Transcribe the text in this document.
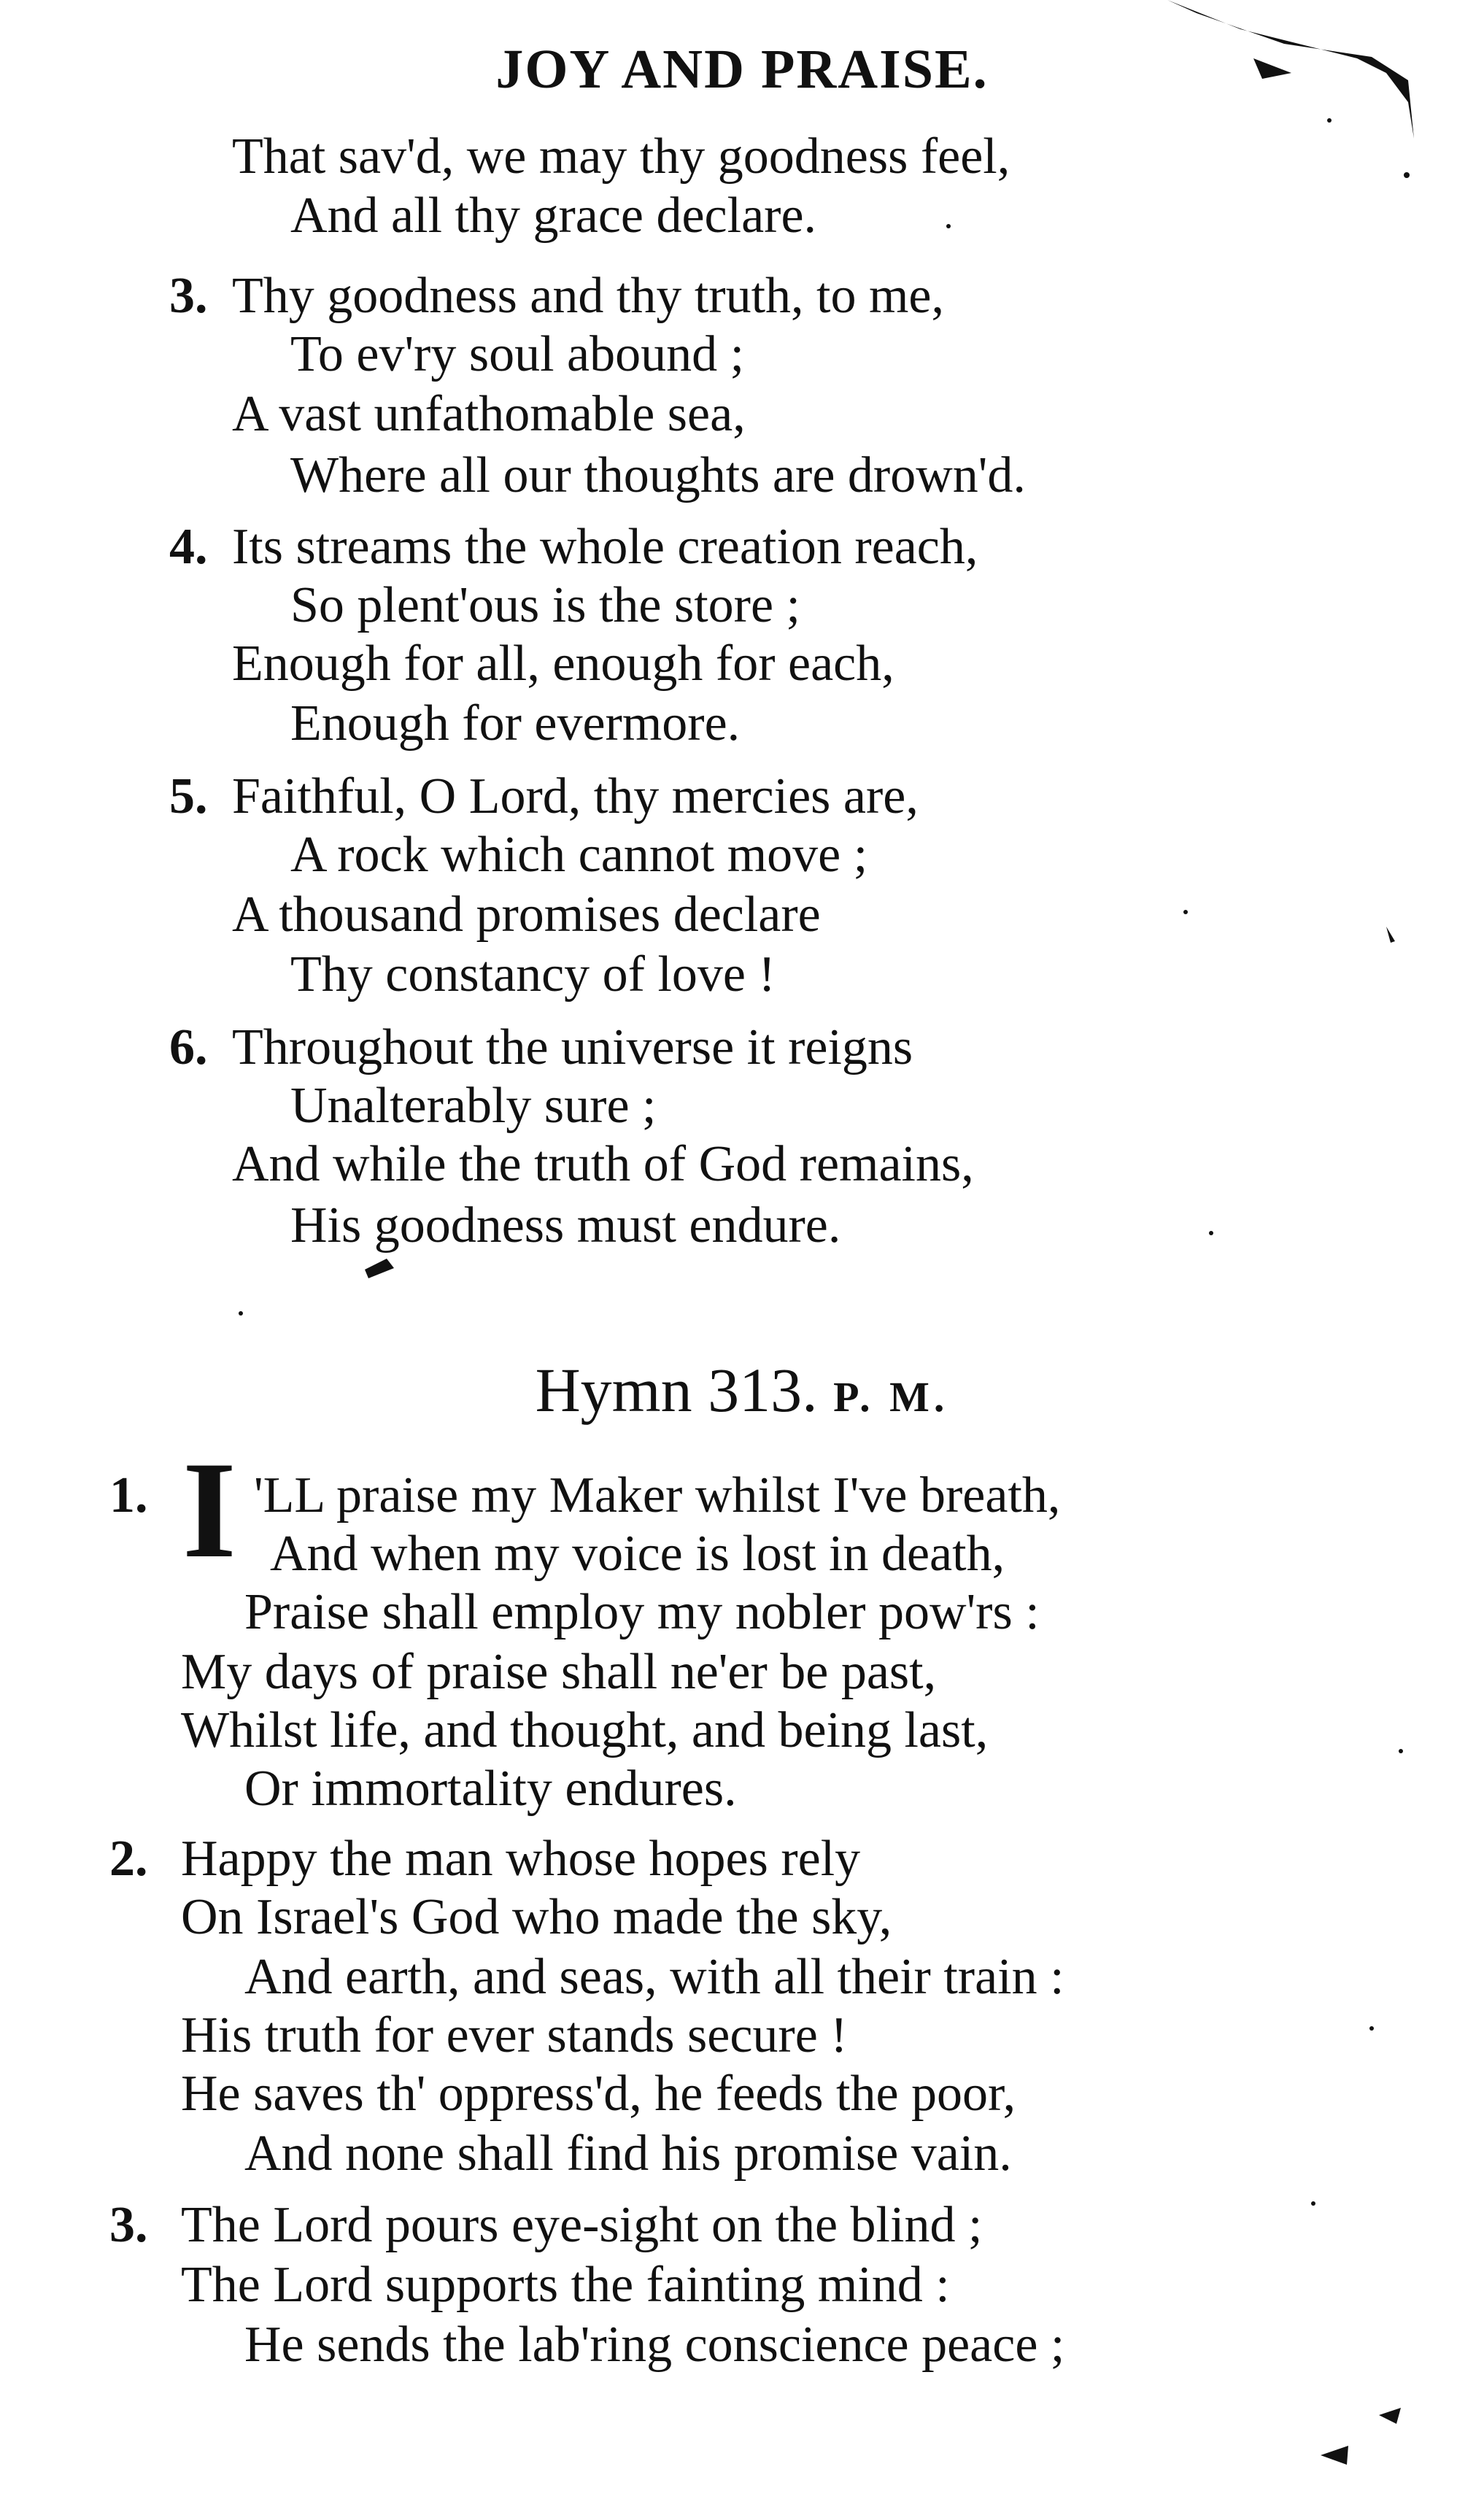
JOY AND PRAISE.
That sav'd, we may thy goodness feel,
And all thy grace declare.
3. Thy goodness and thy truth, to me,
To ev'ry soul abound ;
A vast unfathomable sea,
Where all our thoughts are drown'd.
4. Its streams the whole creation reach,
So plent'ous is the store ;
Enough for all, enough for each,
Enough for evermore.
5. Faithful, O Lord, thy mercies are,
A rock which cannot move ;
A thousand promises declare
Thy constancy of love !
6. Throughout the universe it reigns
Unalterably sure ;
And while the truth of God remains,
His goodness must endure.
Hymn 313. P. M.
1. I 'LL praise my Maker whilst I've breath,
And when my voice is lost in death,
Praise shall employ my nobler pow'rs :
My days of praise shall ne'er be past,
Whilst life, and thought, and being last,
Or immortality endures.
2. Happy the man whose hopes rely
On Israel's God who made the sky,
And earth, and seas, with all their train :
His truth for ever stands secure !
He saves th' oppress'd, he feeds the poor,
And none shall find his promise vain.
3. The Lord pours eye-sight on the blind ;
The Lord supports the fainting mind :
He sends the lab'ring conscience peace ;
